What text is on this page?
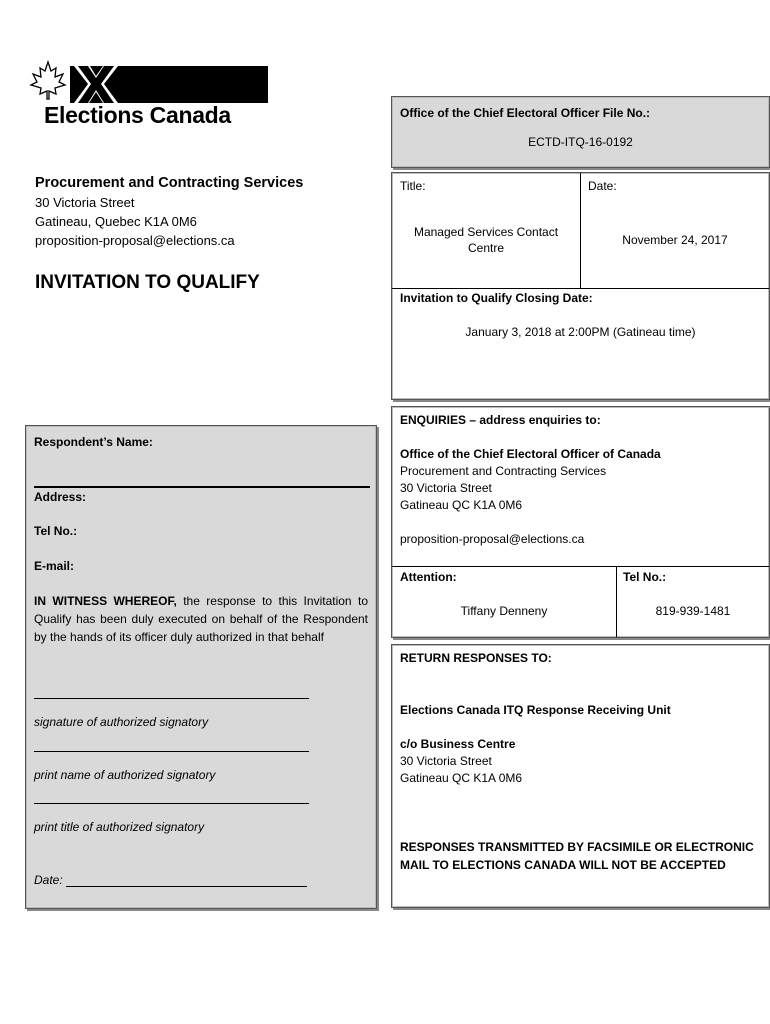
Elections Canada
Procurement and Contracting Services
30 Victoria Street
Gatineau, Quebec K1A 0M6
proposition-proposal@elections.ca
INVITATION TO QUALIFY
Office of the Chief Electoral Officer File No.:
ECTD-ITQ-16-0192
Title:
Managed Services Contact Centre
Date:
November 24, 2017
Invitation to Qualify Closing Date:
January 3, 2018 at 2:00PM (Gatineau time)
ENQUIRIES – address enquiries to:
Office of the Chief Electoral Officer of Canada
Procurement and Contracting Services
30 Victoria Street
Gatineau QC K1A 0M6
proposition-proposal@elections.ca
Attention:
Tiffany Denneny
Tel No.:
819-939-1481
RETURN RESPONSES TO:
Elections Canada ITQ Response Receiving Unit
c/o Business Centre
30 Victoria Street
Gatineau QC K1A 0M6
RESPONSES TRANSMITTED BY FACSIMILE OR ELECTRONIC
MAIL TO ELECTIONS CANADA WILL NOT BE ACCEPTED
Respondent’s Name:
Address:
Tel No.:
E-mail:
IN WITNESS WHEREOF, the response to this Invitation to Qualify has been duly executed on behalf of the Respondent by the hands of its officer duly authorized in that behalf
signature of authorized signatory
print name of authorized signatory
print title of authorized signatory
Date:
